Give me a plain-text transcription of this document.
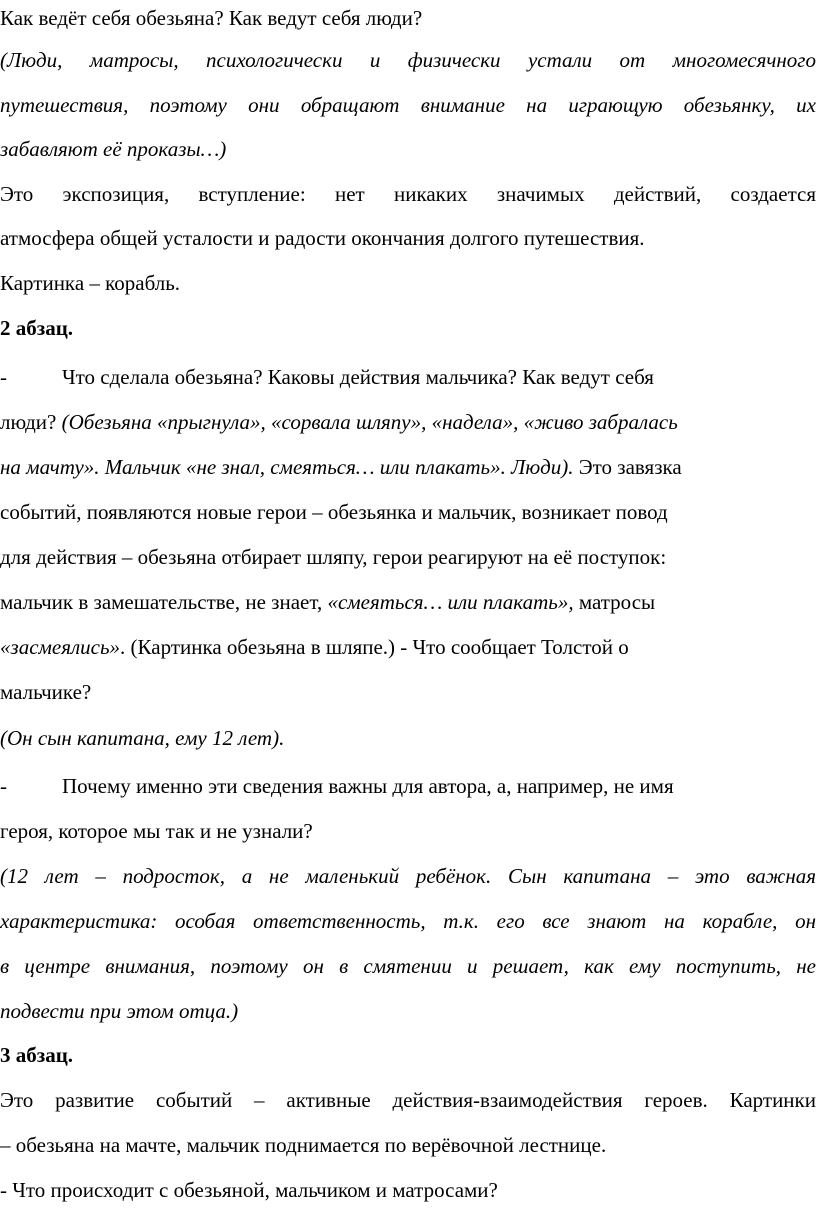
Как ведёт себя обезьяна? Как ведут себя люди?
(Люди, матросы, психологически и физически устали от многомесячного
путешествия, поэтому они обращают внимание на играющую обезьянку, их
забавляют её проказы…)
Это экспозиция, вступление: нет никаких значимых действий, создается
атмосфера общей усталости и радости окончания долгого путешествия.
Картинка – корабль.
2 абзац.
-	Что сделала обезьяна? Каковы действия мальчика? Как ведут себя
люди? (Обезьяна «прыгнула», «сорвала шляпу», «надела», «живо забралась
на мачту». Мальчик «не знал, смеяться… или плакать». Люди). Это завязка
событий, появляются новые герои – обезьянка и мальчик, возникает повод
для действия – обезьяна отбирает шляпу, герои реагируют на её поступок:
мальчик в замешательстве, не знает, «смеяться… или плакать», матросы
«засмеялись». (Картинка обезьяна в шляпе.) - Что сообщает Толстой о
мальчике?
(Он сын капитана, ему 12 лет).
-	Почему именно эти сведения важны для автора, а, например, не имя
героя, которое мы так и не узнали?
(12 лет – подросток, а не маленький ребёнок. Сын капитана – это важная
характеристика: особая ответственность, т.к. его все знают на корабле, он
в центре внимания, поэтому он в смятении и решает, как ему поступить, не
подвести при этом отца.)
3 абзац.
Это развитие событий – активные действия-взаимодействия героев. Картинки
– обезьяна на мачте, мальчик поднимается по верёвочной лестнице.
- Что происходит с обезьяной, мальчиком и матросами?
